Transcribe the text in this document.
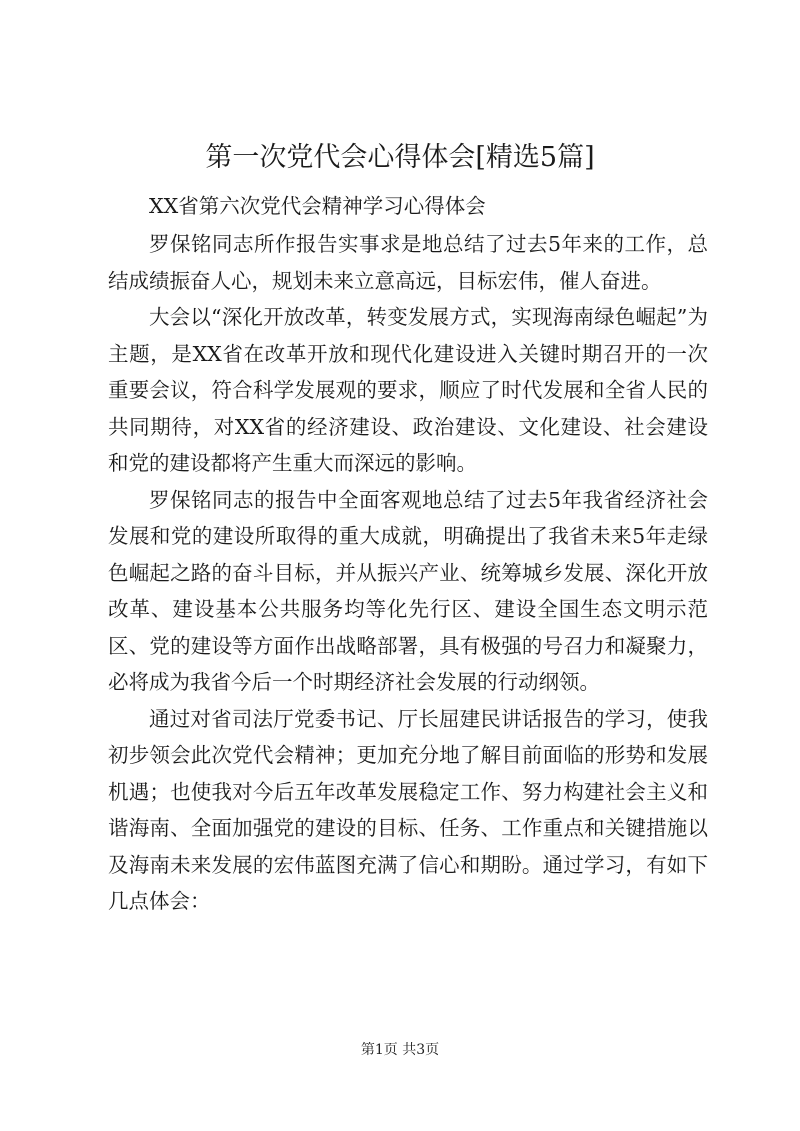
第一次党代会心得体会[精选5篇]

XX省第六次党代会精神学习心得体会

罗保铭同志所作报告实事求是地总结了过去5年来的工作，总结成绩振奋人心，规划未来立意高远，目标宏伟，催人奋进。

大会以“深化开放改革，转变发展方式，实现海南绿色崛起”为主题，是XX省在改革开放和现代化建设进入关键时期召开的一次重要会议，符合科学发展观的要求，顺应了时代发展和全省人民的共同期待，对XX省的经济建设、政治建设、文化建设、社会建设和党的建设都将产生重大而深远的影响。

罗保铭同志的报告中全面客观地总结了过去5年我省经济社会发展和党的建设所取得的重大成就，明确提出了我省未来5年走绿色崛起之路的奋斗目标，并从振兴产业、统筹城乡发展、深化开放改革、建设基本公共服务均等化先行区、建设全国生态文明示范区、党的建设等方面作出战略部署，具有极强的号召力和凝聚力，必将成为我省今后一个时期经济社会发展的行动纲领。

通过对省司法厅党委书记、厅长屈建民讲话报告的学习，使我初步领会此次党代会精神；更加充分地了解目前面临的形势和发展机遇；也使我对今后五年改革发展稳定工作、努力构建社会主义和谐海南、全面加强党的建设的目标、任务、工作重点和关键措施以及海南未来发展的宏伟蓝图充满了信心和期盼。通过学习，有如下几点体会：

第1页 共3页
